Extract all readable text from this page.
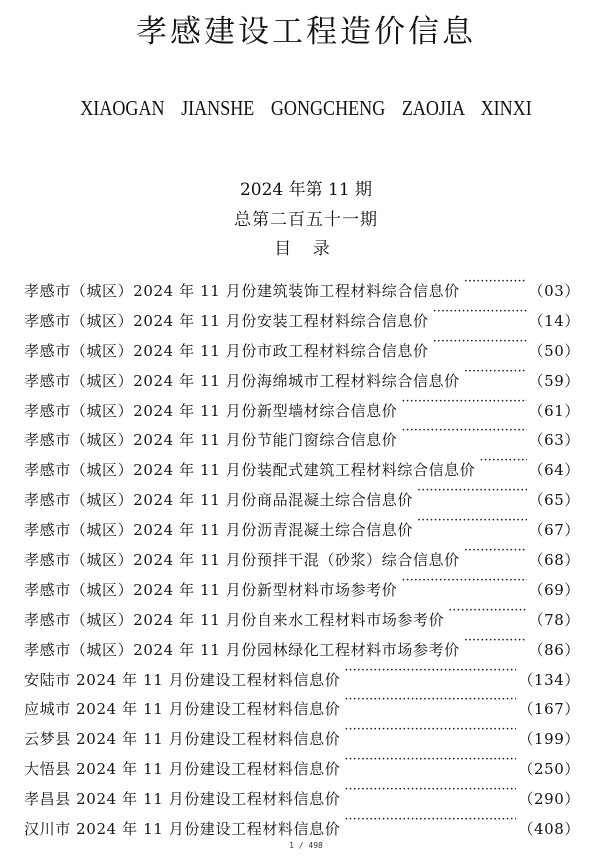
孝感建设工程造价信息
XIAOGAN JIANSHE GONGCHENG ZAOJIA XINXI
2024 年第 11 期
总第二百五十一期
目 录
孝感市（城区）2024 年 11 月份建筑装饰工程材料综合信息价 ·····	（03）
孝感市（城区）2024 年 11 月份安装工程材料综合信息价 ·····	（14）
孝感市（城区）2024 年 11 月份市政工程材料综合信息价 ·····	（50）
孝感市（城区）2024 年 11 月份海绵城市工程材料综合信息价 ·····	（59）
孝感市（城区）2024 年 11 月份新型墙材综合信息价 ·····	（61）
孝感市（城区）2024 年 11 月份节能门窗综合信息价 ·····	（63）
孝感市（城区）2024 年 11 月份装配式建筑工程材料综合信息价 ·····	（64）
孝感市（城区）2024 年 11 月份商品混凝土综合信息价 ·····	（65）
孝感市（城区）2024 年 11 月份沥青混凝土综合信息价 ·····	（67）
孝感市（城区）2024 年 11 月份预拌干混（砂浆）综合信息价 ·····	（68）
孝感市（城区）2024 年 11 月份新型材料市场参考价 ·····	（69）
孝感市（城区）2024 年 11 月份自来水工程材料市场参考价 ·····	（78）
孝感市（城区）2024 年 11 月份园林绿化工程材料市场参考价 ·····	（86）
安陆市 2024 年 11 月份建设工程材料信息价 ·····	（134）
应城市 2024 年 11 月份建设工程材料信息价 ·····	（167）
云梦县 2024 年 11 月份建设工程材料信息价 ·····	（199）
大悟县 2024 年 11 月份建设工程材料信息价 ·····	（250）
孝昌县 2024 年 11 月份建设工程材料信息价 ·····	（290）
汉川市 2024 年 11 月份建设工程材料信息价 ·····	（408）
1 / 498
